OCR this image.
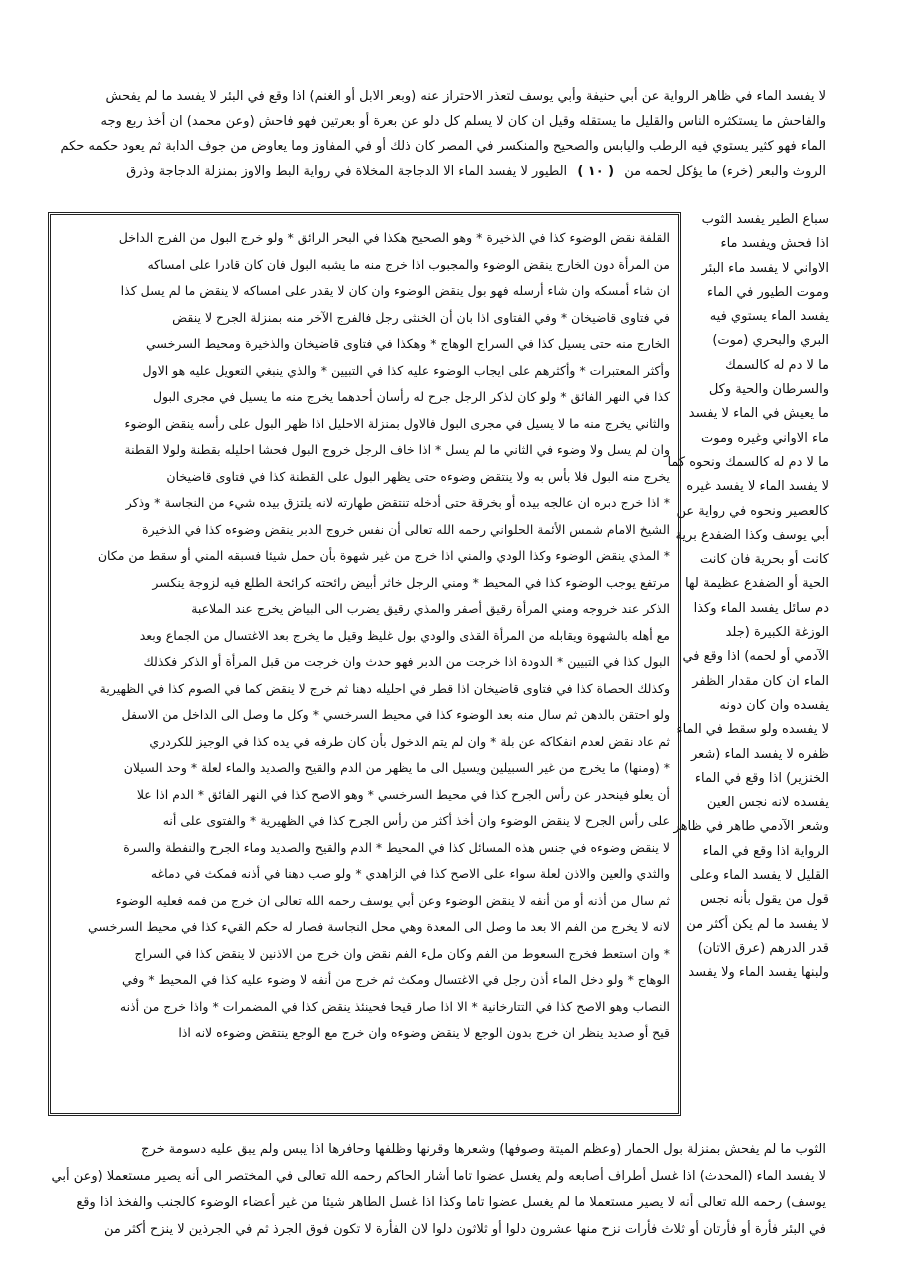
لا يفسد الماء في ظاهر الرواية عن أبي حنيفة وأبي يوسف لتعذر الاحتراز عنه (وبعر الابل أو الغنم) اذا وقع في البئر لا يفسد ما لم يفحش
والفاحش ما يستكثره الناس والقليل ما يستقله وقيل ان كان لا يسلم كل دلو عن بعرة أو بعرتين فهو فاحش (وعن محمد) ان أخذ ربع وجه
الماء فهو كثير يستوي فيه الرطب واليابس والصحيح والمنكسر في المصر كان ذلك أو في المفاوز وما يعاوض من جوف الدابة ثم يعود حكمه حكم
الروث والبعر (خرء) ما يؤكل لحمه من ( ١٠ ) الطيور لا يفسد الماء الا الدجاجة المخلاة في رواية البط والاوز بمنزلة الدجاجة وذرق
سباع الطير يفسد الثوب
اذا فحش ويفسد ماء
الاواني لا يفسد ماء البئر
وموت الطيور في الماء
يفسد الماء يستوي فيه
البري والبحري (موت)
ما لا دم له كالسمك
والسرطان والحية وكل
ما يعيش في الماء لا يفسد
ماء الاواني وغيره وموت
ما لا دم له كالسمك ونحوه كما
لا يفسد الماء لا يفسد غيره
كالعصير ونحوه في رواية عن
أبي يوسف وكذا الضفدع برية
كانت أو بحرية فان كانت
الحية أو الضفدع عظيمة لها
دم سائل يفسد الماء وكذا
الوزغة الكبيرة (جلد
الآدمي أو لحمه) اذا وقع في
الماء ان كان مقدار الظفر
يفسده وان كان دونه
لا يفسده ولو سقط في الماء
ظفره لا يفسد الماء (شعر
الخنزير) اذا وقع في الماء
يفسده لانه نجس العين
وشعر الآدمي طاهر في ظاهر
الرواية اذا وقع في الماء
القليل لا يفسد الماء وعلى
قول من يقول بأنه نجس
لا يفسد ما لم يكن أكثر من
قدر الدرهم (عرق الاتان)
ولبنها يفسد الماء ولا يفسد
القلفة نقض الوضوء كذا في الذخيرة * وهو الصحيح هكذا في البحر الرائق * ولو خرج البول من الفرج الداخل
من المرأة دون الخارج ينقض الوضوء والمجبوب اذا خرج منه ما يشبه البول فان كان قادرا على امساكه
ان شاء أمسكه وان شاء أرسله فهو بول ينقض الوضوء وان كان لا يقدر على امساكه لا ينقض ما لم يسل كذا
في فتاوى قاضيخان * وفي الفتاوى اذا بان أن الخنثى رجل فالفرج الآخر منه بمنزلة الجرح لا ينقض
الخارج منه حتى يسيل كذا في السراج الوهاج * وهكذا في فتاوى قاضيخان والذخيرة ومحيط السرخسي
وأكثر المعتبرات * وأكثرهم على ايجاب الوضوء عليه كذا في التبيين * والذي ينبغي التعويل عليه هو الاول
كذا في النهر الفائق * ولو كان لذكر الرجل جرح له رأسان أحدهما يخرج منه ما يسيل في مجرى البول
والثاني يخرج منه ما لا يسيل في مجرى البول فالاول بمنزلة الاحليل اذا ظهر البول على رأسه ينقض الوضوء
وان لم يسل ولا وضوء في الثاني ما لم يسل * اذا خاف الرجل خروج البول فحشا احليله بقطنة ولولا القطنة
يخرج منه البول فلا بأس به ولا ينتقض وضوءه حتى يظهر البول على القطنة كذا في فتاوى قاضيخان
* اذا خرج دبره ان عالجه بيده أو بخرقة حتى أدخله تنتقض طهارته لانه يلتزق بيده شيء من النجاسة * وذكر
الشيخ الامام شمس الأئمة الحلواني رحمه الله تعالى أن نفس خروج الدبر ينقض وضوءه كذا في الذخيرة
* المذي ينقض الوضوء وكذا الودي والمني اذا خرج من غير شهوة بأن حمل شيئا فسبقه المني أو سقط من مكان
مرتفع يوجب الوضوء كذا في المحيط * ومني الرجل خاثر أبيض رائحته كرائحة الطلع فيه لزوجة ينكسر
الذكر عند خروجه ومني المرأة رقيق أصفر والمذي رقيق يضرب الى البياض يخرج عند الملاعبة
مع أهله بالشهوة ويقابله من المرأة القذى والودي بول غليظ وقيل ما يخرج بعد الاغتسال من الجماع وبعد
البول كذا في التبيين * الدودة اذا خرجت من الدبر فهو حدث وان خرجت من قبل المرأة أو الذكر فكذلك
وكذلك الحصاة كذا في فتاوى قاضيخان اذا قطر في احليله دهنا ثم خرج لا ينقض كما في الصوم كذا في الظهيرية
ولو احتقن بالدهن ثم سال منه بعد الوضوء كذا في محيط السرخسي * وكل ما وصل الى الداخل من الاسفل
ثم عاد نقض لعدم انفكاكه عن بلة * وان لم يتم الدخول بأن كان طرفه في يده كذا في الوجيز للكردري
* (ومنها) ما يخرج من غير السبيلين ويسيل الى ما يظهر من الدم والقيح والصديد والماء لعلة * وحد السيلان
أن يعلو فينحدر عن رأس الجرح كذا في محيط السرخسي * وهو الاصح كذا في النهر الفائق * الدم اذا علا
على رأس الجرح لا ينقض الوضوء وان أخذ أكثر من رأس الجرح كذا في الظهيرية * والفتوى على أنه
لا ينقض وضوءه في جنس هذه المسائل كذا في المحيط * الدم والقيح والصديد وماء الجرح والنفطة والسرة
والثدي والعين والاذن لعلة سواء على الاصح كذا في الزاهدي * ولو صب دهنا في أذنه فمكث في دماغه
ثم سال من أذنه أو من أنفه لا ينقض الوضوء وعن أبي يوسف رحمه الله تعالى ان خرج من فمه فعليه الوضوء
لانه لا يخرج من الفم الا بعد ما وصل الى المعدة وهي محل النجاسة فصار له حكم القيء كذا في محيط السرخسي
* وان استعط فخرج السعوط من الفم وكان ملء الفم نقض وان خرج من الاذنين لا ينقض كذا في السراج
الوهاج * ولو دخل الماء أذن رجل في الاغتسال ومكث ثم خرج من أنفه لا وضوء عليه كذا في المحيط * وفي
النصاب وهو الاصح كذا في التتارخانية * الا اذا صار قيحا فحينئذ ينقض كذا في المضمرات * واذا خرج من أذنه
قيح أو صديد ينظر ان خرج بدون الوجع لا ينقض وضوءه وان خرج مع الوجع ينتقض وضوءه لانه اذا
الثوب ما لم يفحش بمنزلة بول الحمار (وعظم الميتة وصوفها) وشعرها وقرنها وظلفها وحافرها اذا يبس ولم يبق عليه دسومة خرج
لا يفسد الماء (المحدث) اذا غسل أطراف أصابعه ولم يغسل عضوا تاما أشار الحاكم رحمه الله تعالى في المختصر الى أنه يصير مستعملا (وعن أبي
يوسف) رحمه الله تعالى أنه لا يصير مستعملا ما لم يغسل عضوا تاما وكذا اذا غسل الطاهر شيئا من غير أعضاء الوضوء كالجنب والفخذ اذا وقع
في البئر فأرة أو فأرتان أو ثلاث فأرات نزح منها عشرون دلوا أو ثلاثون دلوا لان الفأرة لا تكون فوق الجرذ ثم في الجرذين لا ينزح أكثر من
